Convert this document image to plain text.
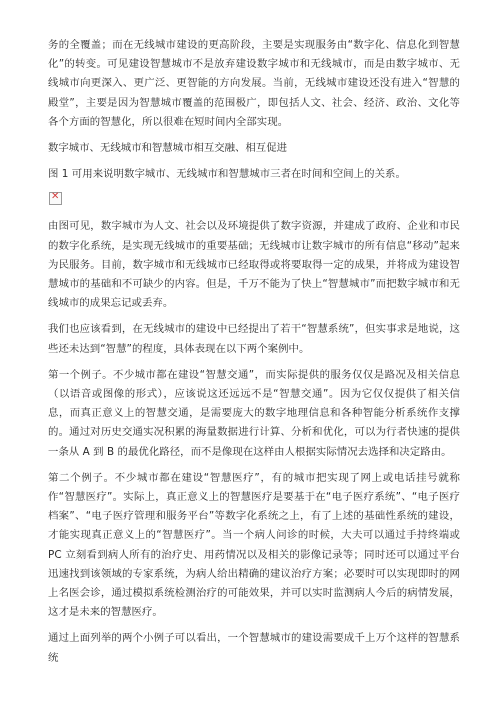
务的全覆盖；而在无线城市建设的更高阶段，主要是实现服务由“数字化、信息化到智慧化”的转变。可见建设智慧城市不是放弃建设数字城市和无线城市，而是由数字城市、无线城市向更深入、更广泛、更智能的方向发展。当前，无线城市建设还没有进入“智慧的殿堂”，主要是因为智慧城市覆盖的范围极广，即包括人文、社会、经济、政治、文化等各个方面的智慧化，所以很难在短时间内全部实现。

数字城市、无线城市和智慧城市相互交融、相互促进

图 1 可用来说明数字城市、无线城市和智慧城市三者在时间和空间上的关系。

✕

由图可见，数字城市为人文、社会以及环境提供了数字资源，并建成了政府、企业和市民的数字化系统，是实现无线城市的重要基础；无线城市让数字城市的所有信息“移动”起来为民服务。目前，数字城市和无线城市已经取得或将要取得一定的成果，并将成为建设智慧城市的基础和不可缺少的内容。但是，千万不能为了快上“智慧城市”而把数字城市和无线城市的成果忘记或丢弃。

我们也应该看到，在无线城市的建设中已经提出了若干“智慧系统”，但实事求是地说，这些还未达到“智慧”的程度，具体表现在以下两个案例中。

第一个例子。不少城市都在建设“智慧交通”，而实际提供的服务仅仅是路况及相关信息（以语音或图像的形式），应该说这还远远不是“智慧交通”。因为它仅仅提供了相关信息，而真正意义上的智慧交通，是需要庞大的数字地理信息和各种智能分析系统作支撑的。通过对历史交通实况积累的海量数据进行计算、分析和优化，可以为行者快速的提供一条从 A 到 B 的最优化路径，而不是像现在这样由人根据实际情况去选择和决定路由。

第二个例子。不少城市都在建设“智慧医疗”，有的城市把实现了网上或电话挂号就称作“智慧医疗”。实际上，真正意义上的智慧医疗是要基于在“电子医疗系统”、“电子医疗档案”、“电子医疗管理和服务平台”等数字化系统之上，有了上述的基础性系统的建设，才能实现真正意义上的“智慧医疗”。当一个病人问诊的时候，大夫可以通过手持终端或 PC 立刻看到病人所有的治疗史、用药情况以及相关的影像记录等；同时还可以通过平台迅速找到该领域的专家系统，为病人给出精确的建议治疗方案；必要时可以实现即时的网上名医会诊，通过模拟系统检测治疗的可能效果，并可以实时监测病人今后的病情发展，这才是未来的智慧医疗。

通过上面列举的两个小例子可以看出，一个智慧城市的建设需要成千上万个这样的智慧系统
